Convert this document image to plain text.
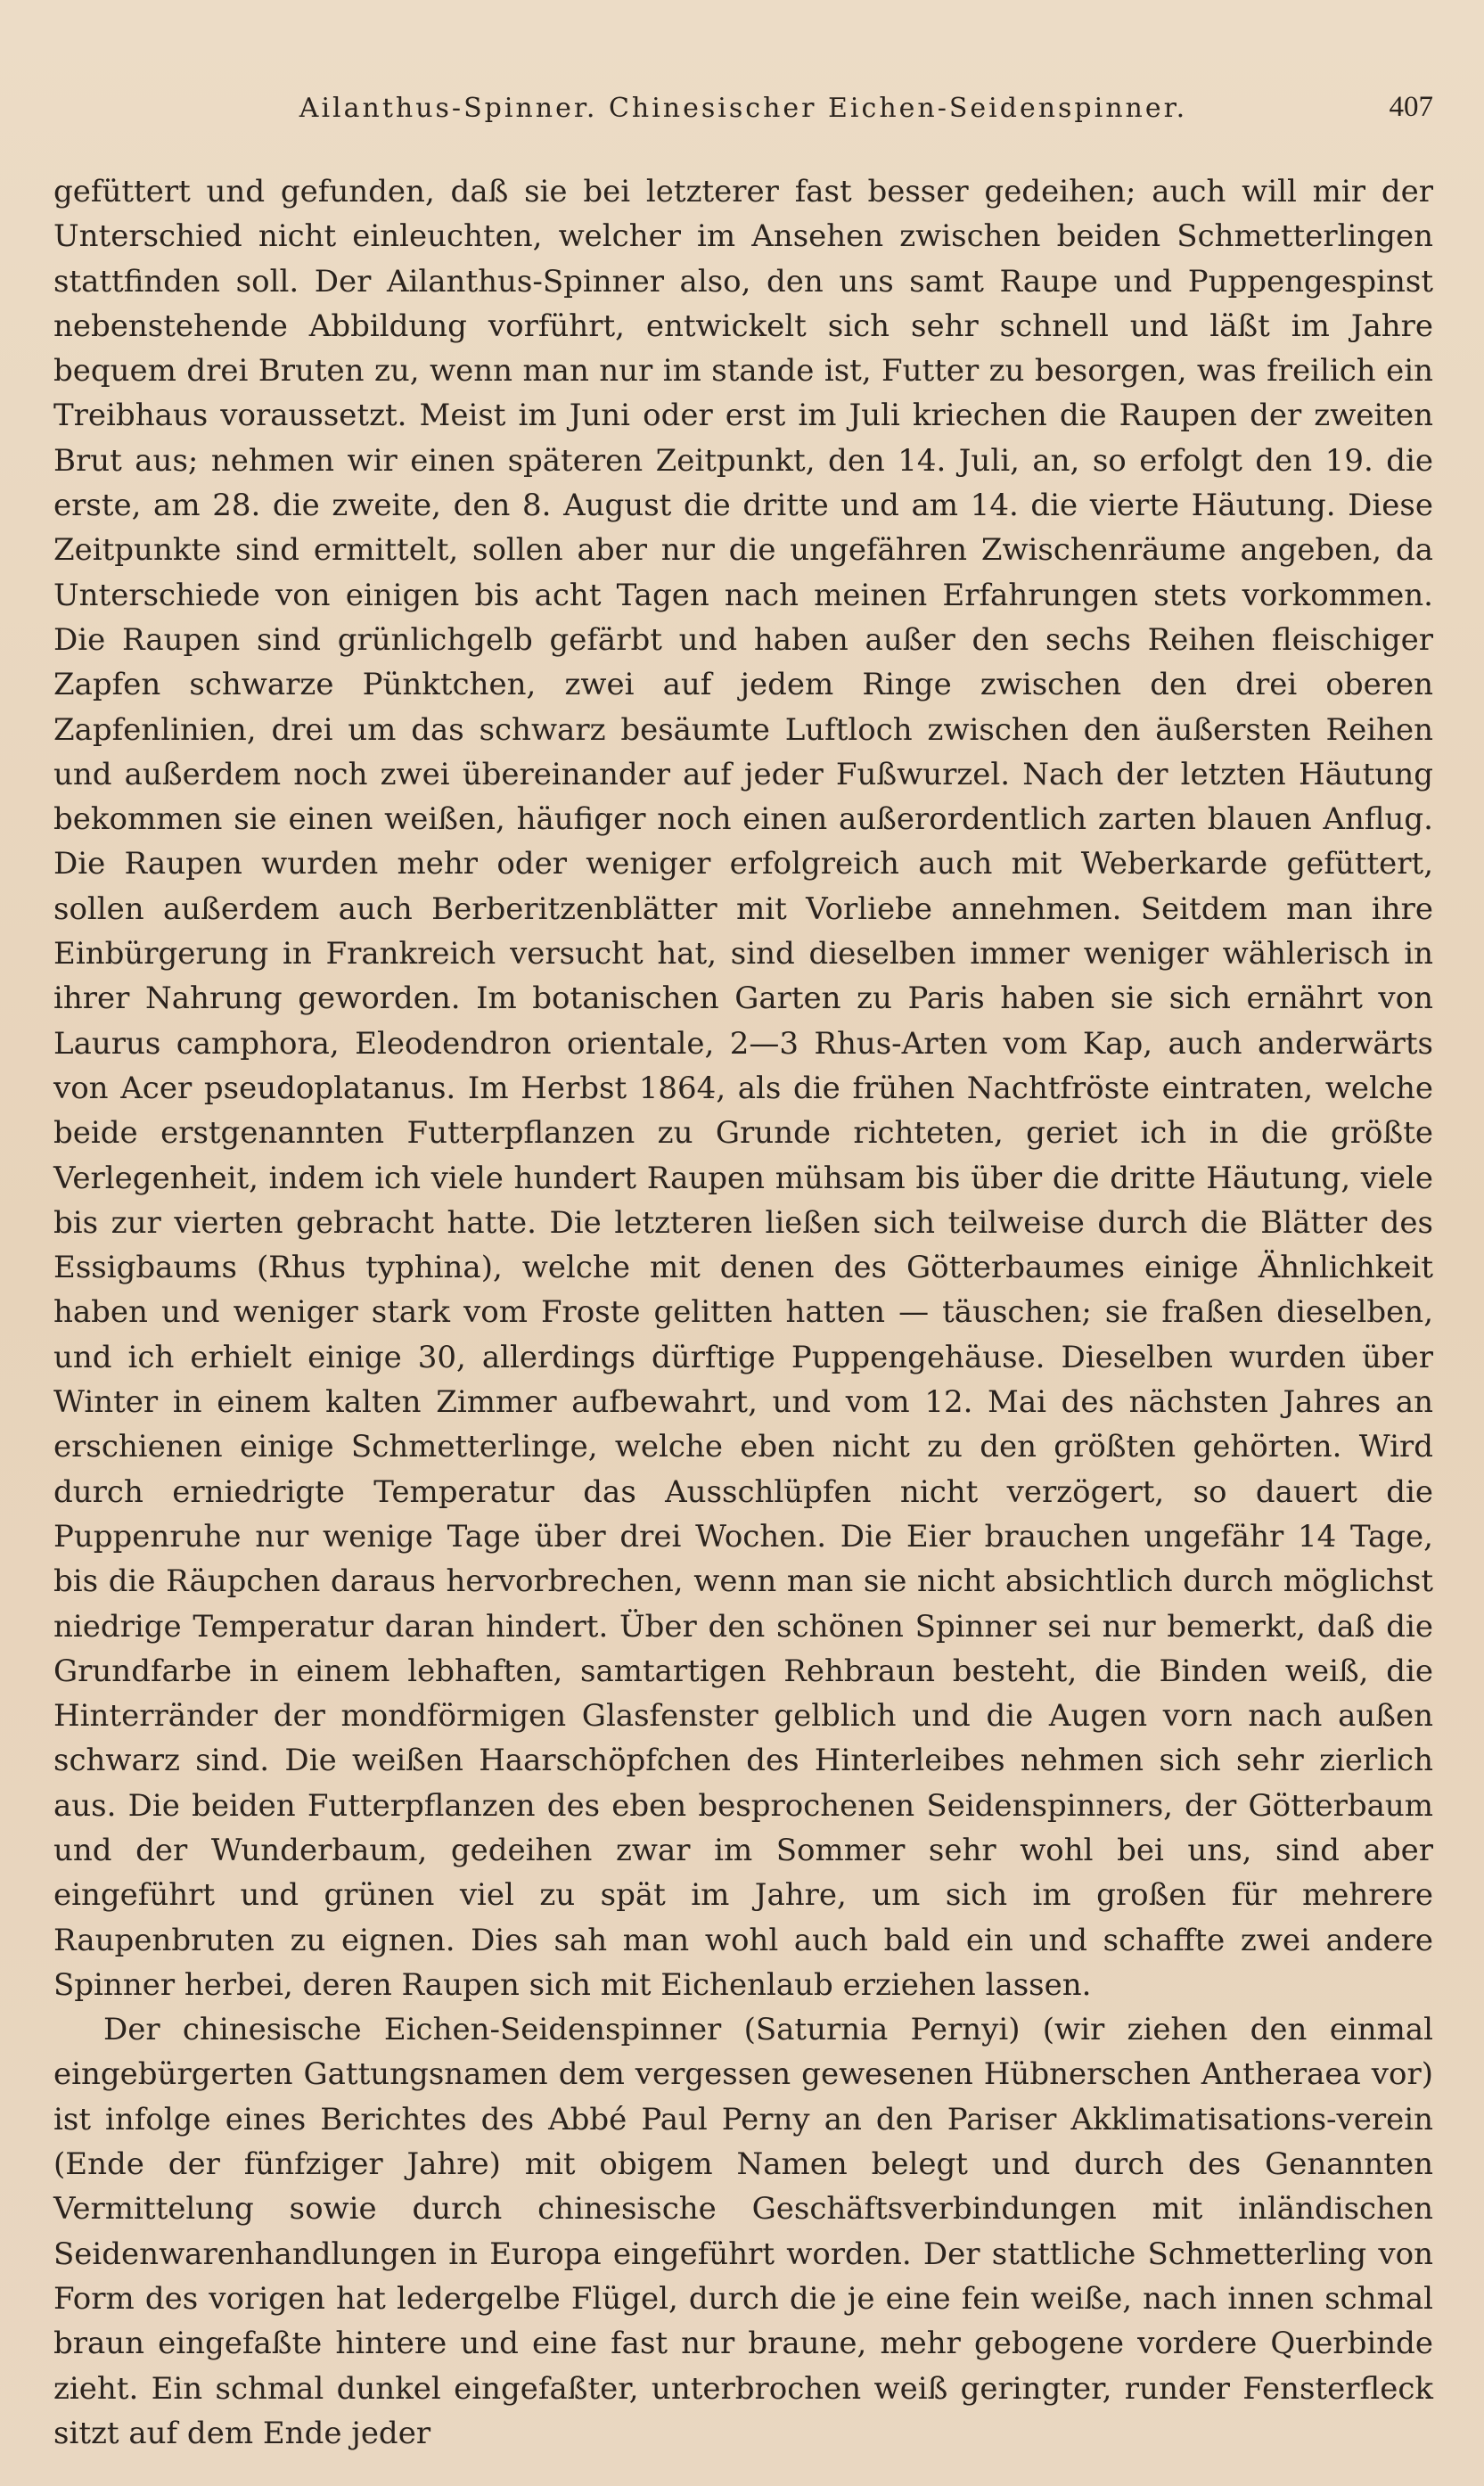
Ailanthus-Spinner. Chinesischer Eichen-Seidenspinner.	407

gefüttert und gefunden, daß sie bei letzterer fast besser gedeihen; auch will mir der Unterschied nicht einleuchten, welcher im Ansehen zwischen beiden Schmetterlingen stattfinden soll. Der Ailanthus-Spinner also, den uns samt Raupe und Puppengespinst nebenstehende Abbildung vorführt, entwickelt sich sehr schnell und läßt im Jahre bequem drei Bruten zu, wenn man nur im stande ist, Futter zu besorgen, was freilich ein Treibhaus voraussetzt. Meist im Juni oder erst im Juli kriechen die Raupen der zweiten Brut aus; nehmen wir einen späteren Zeitpunkt, den 14. Juli, an, so erfolgt den 19. die erste, am 28. die zweite, den 8. August die dritte und am 14. die vierte Häutung. Diese Zeitpunkte sind ermittelt, sollen aber nur die ungefähren Zwischenräume angeben, da Unterschiede von einigen bis acht Tagen nach meinen Erfahrungen stets vorkommen. Die Raupen sind grünlichgelb gefärbt und haben außer den sechs Reihen fleischiger Zapfen schwarze Pünktchen, zwei auf jedem Ringe zwischen den drei oberen Zapfenlinien, drei um das schwarz besäumte Luftloch zwischen den äußersten Reihen und außerdem noch zwei übereinander auf jeder Fußwurzel. Nach der letzten Häutung bekommen sie einen weißen, häufiger noch einen außerordentlich zarten blauen Anflug. Die Raupen wurden mehr oder weniger erfolgreich auch mit Weberkarde gefüttert, sollen außerdem auch Berberitzenblätter mit Vorliebe annehmen. Seitdem man ihre Einbürgerung in Frankreich versucht hat, sind dieselben immer weniger wählerisch in ihrer Nahrung geworden. Im botanischen Garten zu Paris haben sie sich ernährt von Laurus camphora, Eleodendron orientale, 2—3 Rhus-Arten vom Kap, auch anderwärts von Acer pseudoplatanus. Im Herbst 1864, als die frühen Nachtfröste eintraten, welche beide erstgenannten Futterpflanzen zu Grunde richteten, geriet ich in die größte Verlegenheit, indem ich viele hundert Raupen mühsam bis über die dritte Häutung, viele bis zur vierten gebracht hatte. Die letzteren ließen sich teilweise durch die Blätter des Essigbaums (Rhus typhina), welche mit denen des Götterbaumes einige Ähnlichkeit haben und weniger stark vom Froste gelitten hatten — täuschen; sie fraßen dieselben, und ich erhielt einige 30, allerdings dürftige Puppengehäuse. Dieselben wurden über Winter in einem kalten Zimmer aufbewahrt, und vom 12. Mai des nächsten Jahres an erschienen einige Schmetterlinge, welche eben nicht zu den größten gehörten. Wird durch erniedrigte Temperatur das Ausschlüpfen nicht verzögert, so dauert die Puppenruhe nur wenige Tage über drei Wochen. Die Eier brauchen ungefähr 14 Tage, bis die Räupchen daraus hervorbrechen, wenn man sie nicht absichtlich durch möglichst niedrige Temperatur daran hindert. Über den schönen Spinner sei nur bemerkt, daß die Grundfarbe in einem lebhaften, samtartigen Rehbraun besteht, die Binden weiß, die Hinterränder der mondförmigen Glasfenster gelblich und die Augen vorn nach außen schwarz sind. Die weißen Haarschöpfchen des Hinterleibes nehmen sich sehr zierlich aus. Die beiden Futterpflanzen des eben besprochenen Seidenspinners, der Götterbaum und der Wunderbaum, gedeihen zwar im Sommer sehr wohl bei uns, sind aber eingeführt und grünen viel zu spät im Jahre, um sich im großen für mehrere Raupenbruten zu eignen. Dies sah man wohl auch bald ein und schaffte zwei andere Spinner herbei, deren Raupen sich mit Eichenlaub erziehen lassen.

Der chinesische Eichen-Seidenspinner (Saturnia Pernyi) (wir ziehen den einmal eingebürgerten Gattungsnamen dem vergessen gewesenen Hübnerschen Antheraea vor) ist infolge eines Berichtes des Abbé Paul Perny an den Pariser Akklimatisations-verein (Ende der fünfziger Jahre) mit obigem Namen belegt und durch des Genannten Vermittelung sowie durch chinesische Geschäftsverbindungen mit inländischen Seidenwarenhandlungen in Europa eingeführt worden. Der stattliche Schmetterling von Form des vorigen hat ledergelbe Flügel, durch die je eine fein weiße, nach innen schmal braun eingefaßte hintere und eine fast nur braune, mehr gebogene vordere Querbinde zieht. Ein schmal dunkel eingefaßter, unterbrochen weiß geringter, runder Fensterfleck sitzt auf dem Ende jeder
